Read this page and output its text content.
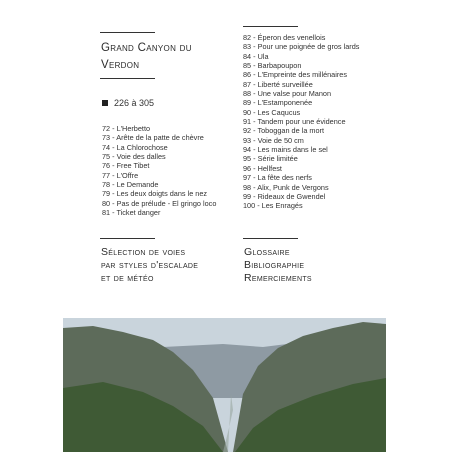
Grand Canyon du
Verdon
226 à 305
72 - L'Herbetto
73 - Arête de la patte de chèvre
74 - La Chlorochose
75 - Voie des dalles
76 - Free Tibet
77 - L'Offre
78 - Le Demande
79 - Les deux doigts dans le nez
80 - Pas de prélude - El gringo loco
81 - Ticket danger
82 - Éperon des venellois
83 - Pour une poignée de gros lards
84 - Ula
85 - Barbapoupon
86 - L'Empreinte des millénaires
87 - Liberté surveillée
88 - Une valse pour Manon
89 - L'Estamponenée
90 - Les Caqucus
91 - Tandem pour une évidence
92 - Toboggan de la mort
93 - Voie de 50 cm
94 - Les mains dans le sel
95 - Série limitée
96 - Hellfest
97 - La fête des nerfs
98 - Alix, Punk de Vergons
99 - Rideaux de Gwendel
100 - Les Enragés
Sélection de voies
par styles d'escalade
et de météo
Glossaire
Bibliographie
Remerciements
